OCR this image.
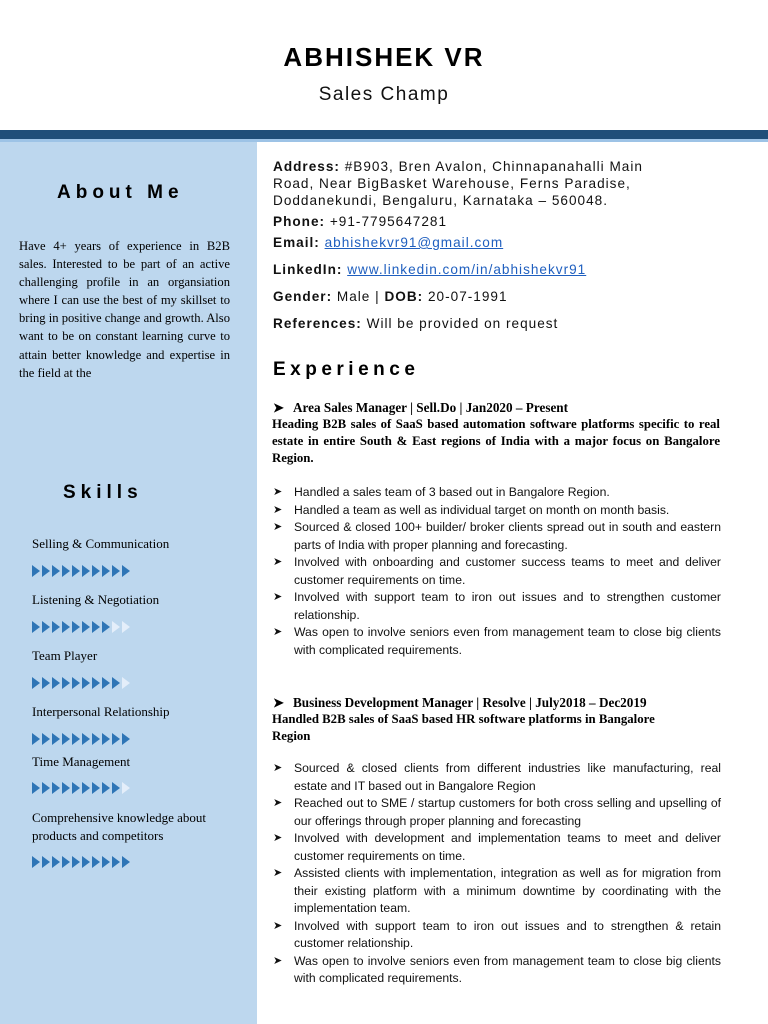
ABHISHEK VR
Sales Champ
About Me
Have 4+ years of experience in B2B sales. Interested to be part of an active challenging profile in an organsiation where I can use the best of my skillset to bring in positive change and growth. Also want to be on constant learning curve to attain better knowledge and expertise in the field at the
Skills
Selling & Communication
Listening & Negotiation
Team Player
Interpersonal Relationship
Time Management
Comprehensive knowledge about products and competitors
Address: #B903, Bren Avalon, Chinnapanahalli Main
Road, Near BigBasket Warehouse, Ferns Paradise,
Doddanekundi, Bengaluru, Karnataka – 560048.
Phone: +91-7795647281
Email: abhishekvr91@gmail.com
LinkedIn: www.linkedin.com/in/abhishekvr91
Gender: Male | DOB: 20-07-1991
References: Will be provided on request
Experience
➤ Area Sales Manager | Sell.Do | Jan2020 – Present
Heading B2B sales of SaaS based automation software platforms specific to real estate in entire South & East regions of India with a major focus on Bangalore Region.
➤ Handled a sales team of 3 based out in Bangalore Region.
➤ Handled a team as well as individual target on month on month basis.
➤ Sourced & closed 100+ builder/ broker clients spread out in south and eastern parts of India with proper planning and forecasting.
➤ Involved with onboarding and customer success teams to meet and deliver customer requirements on time.
➤ Involved with support team to iron out issues and to strengthen customer relationship.
➤ Was open to involve seniors even from management team to close big clients with complicated requirements.
➤ Business Development Manager | Resolve | July2018 – Dec2019
Handled B2B sales of SaaS based HR software platforms in Bangalore Region
➤ Sourced & closed clients from different industries like manufacturing, real estate and IT based out in Bangalore Region
➤ Reached out to SME / startup customers for both cross selling and upselling of our offerings through proper planning and forecasting
➤ Involved with development and implementation teams to meet and deliver customer requirements on time.
➤ Assisted clients with implementation, integration as well as for migration from their existing platform with a minimum downtime by coordinating with the implementation team.
➤ Involved with support team to iron out issues and to strengthen & retain customer relationship.
➤ Was open to involve seniors even from management team to close big clients with complicated requirements.
